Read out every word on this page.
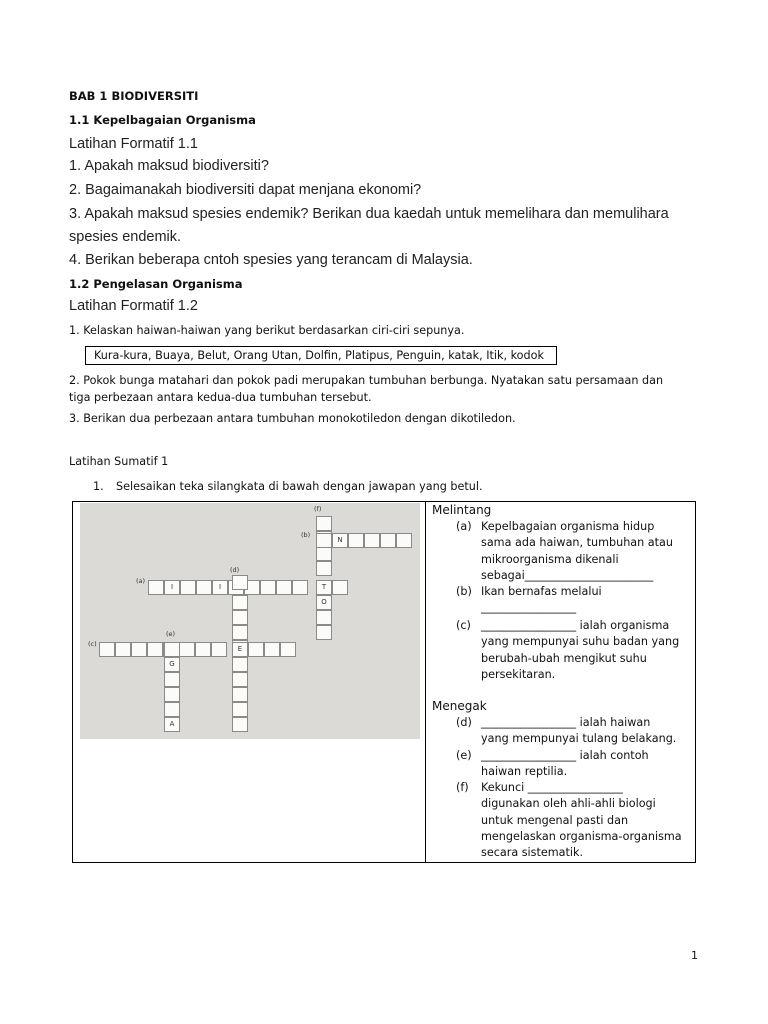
BAB 1 BIODIVERSITI
1.1 Kepelbagaian Organisma
Latihan Formatif 1.1
1. Apakah maksud biodiversiti?
2. Bagaimanakah biodiversiti dapat menjana ekonomi?
3. Apakah maksud spesies endemik? Berikan dua kaedah untuk memelihara dan memulihara
spesies endemik.
4. Berikan beberapa cntoh spesies yang terancam di Malaysia.
1.2 Pengelasan Organisma
Latihan Formatif 1.2
1. Kelaskan haiwan-haiwan yang berikut berdasarkan ciri-ciri sepunya.
Kura-kura, Buaya, Belut, Orang Utan, Dolfin, Platipus, Penguin, katak, Itik, kodok
2. Pokok bunga matahari dan pokok padi merupakan tumbuhan berbunga. Nyatakan satu persamaan dan
tiga perbezaan antara kedua-dua tumbuhan tersebut.
3. Berikan dua perbezaan antara tumbuhan monokotiledon dengan dikotiledon.
Latihan Sumatif 1
1. Selesaikan teka silangkata di bawah dengan jawapan yang betul.
(f)
(b)
(d)
(a)
(e)
(c)
O
N
I	I	T
E
G
A
Melintang
(a) Kepelbagaian organisma hidup
sama ada haiwan, tumbuhan atau
mikroorganisma dikenali
sebagai_______________________
(b) Ikan bernafas melalui
_________________
(c) _________________ ialah organisma
yang mempunyai suhu badan yang
berubah-ubah mengikut suhu
persekitaran.
Menegak
(d) _________________ ialah haiwan
yang mempunyai tulang belakang.
(e) _________________ ialah contoh
haiwan reptilia.
(f) Kekunci _________________
digunakan oleh ahli-ahli biologi
untuk mengenal pasti dan
mengelaskan organisma-organisma
secara sistematik.
1
